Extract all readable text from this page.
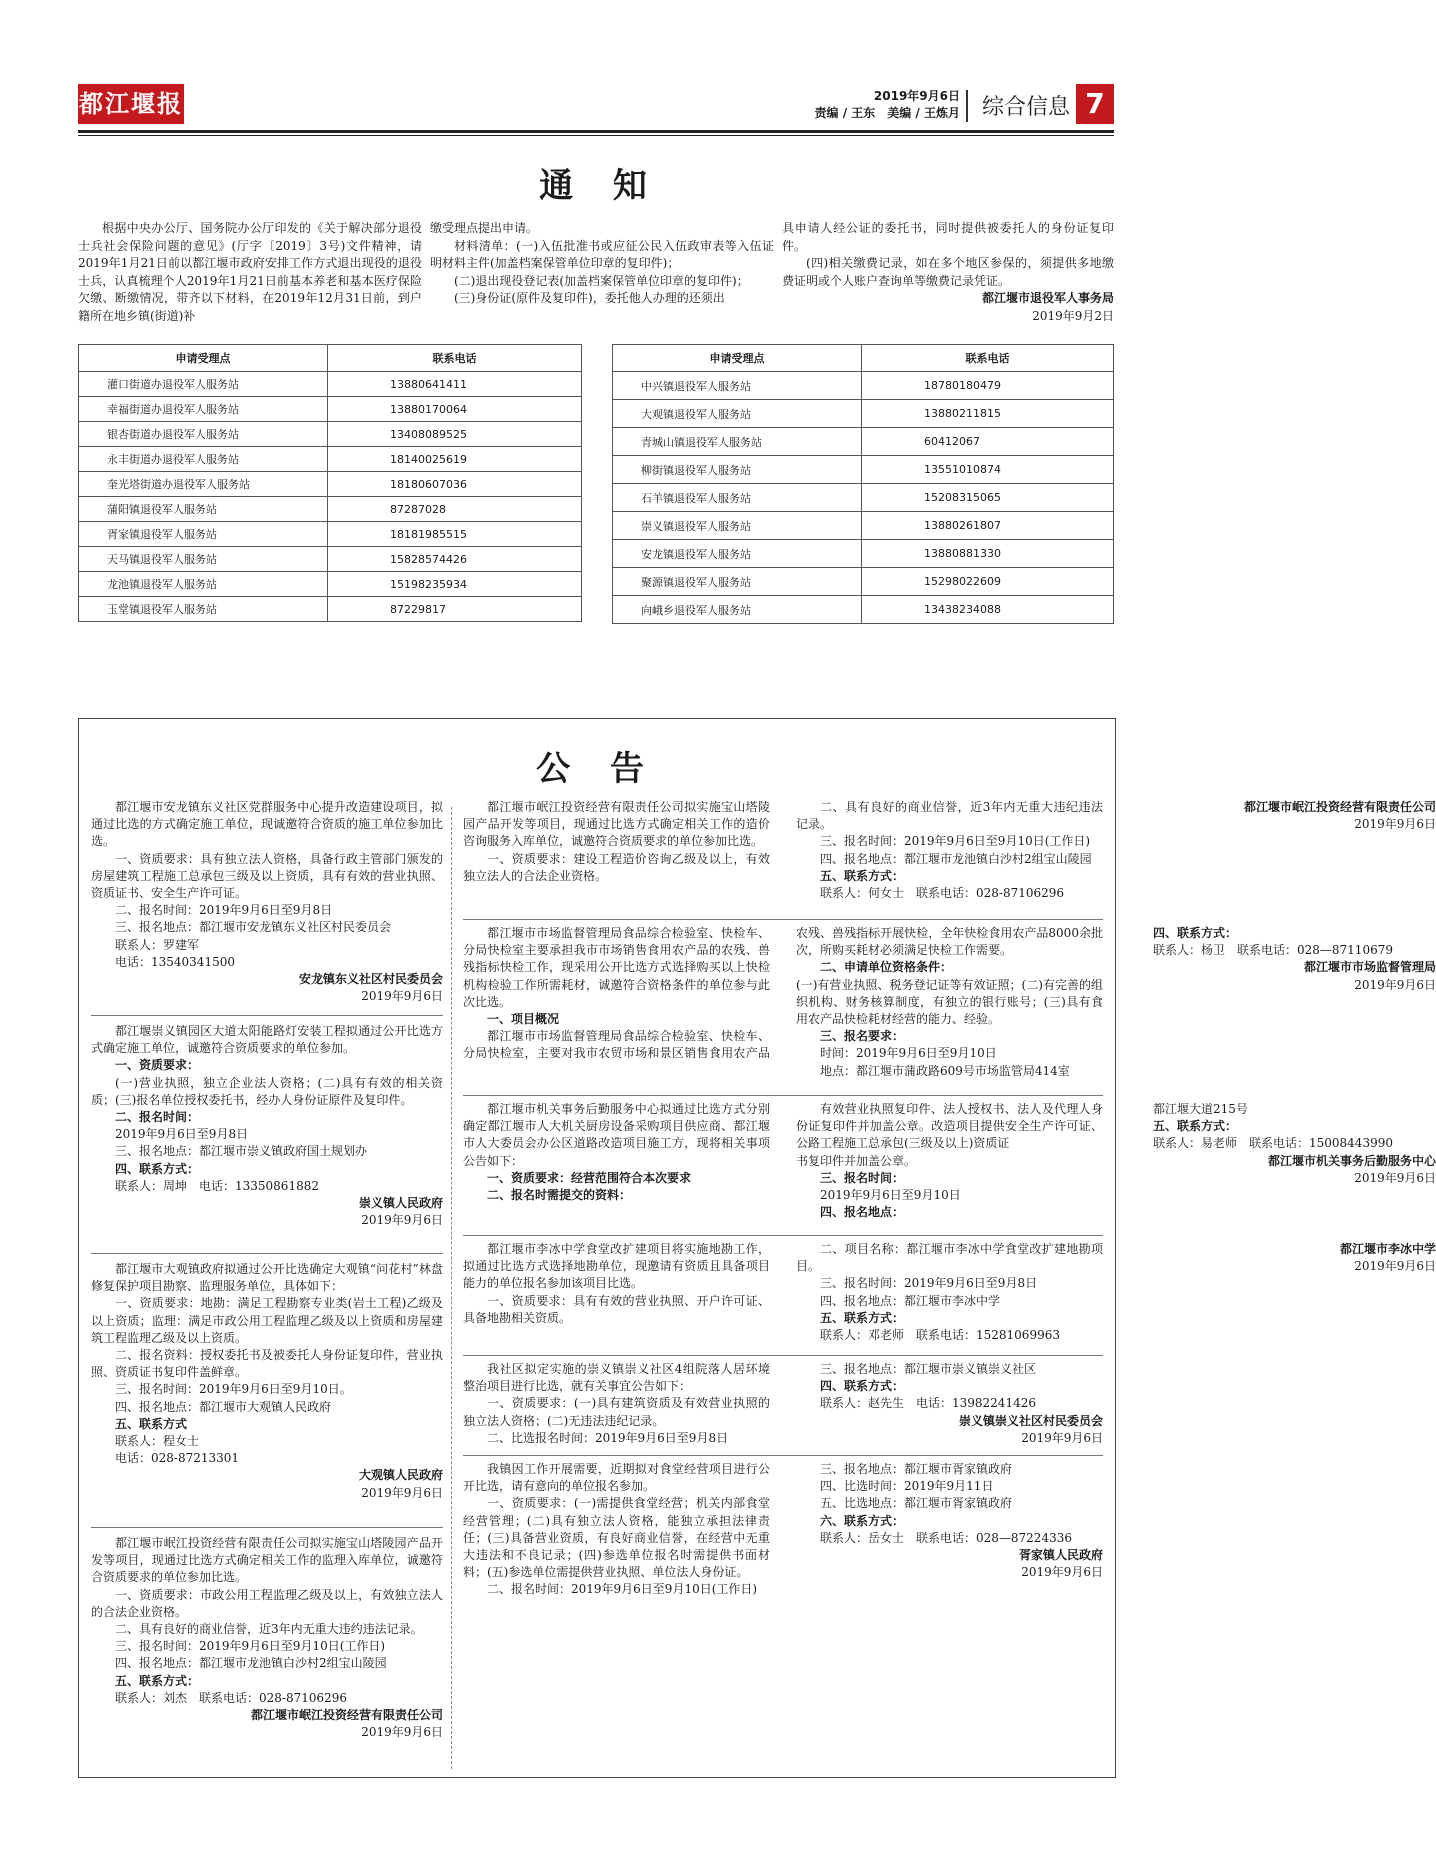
都江堰报	2019年9月6日
责编 / 王东　美编 / 王炼月 综合信息 7
通 知

根据中央办公厅、国务院办公厅印发的《关于解决部分退役士兵社会保险问题的意见》(厅字〔2019〕3号)文件精神，请2019年1月21日前以都江堰市政府安排工作方式退出现役的退役士兵，认真梳理个人2019年1月21日前基本养老和基本医疗保险欠缴、断缴情况，带齐以下材料，在2019年12月31日前，到户籍所在地乡镇(街道)补

缴受理点提出申请。

材料清单：(一)入伍批准书或应征公民入伍政审表等入伍证明材料主件(加盖档案保管单位印章的复印件)；

(二)退出现役登记表(加盖档案保管单位印章的复印件)；

(三)身份证(原件及复印件)，委托他人办理的还须出

具申请人经公证的委托书，同时提供被委托人的身份证复印件。

(四)相关缴费记录，如在多个地区参保的，须提供多地缴费证明或个人账户查询单等缴费记录凭证。

都江堰市退役军人事务局

2019年9月2日

申请受理点	联系电话
灌口街道办退役军人服务站	13880641411
幸福街道办退役军人服务站	13880170064
银杏街道办退役军人服务站	13408089525
永丰街道办退役军人服务站	18140025619
奎光塔街道办退役军人服务站	18180607036
蒲阳镇退役军人服务站	87287028
胥家镇退役军人服务站	18181985515
天马镇退役军人服务站	15828574426
龙池镇退役军人服务站	15198235934
玉堂镇退役军人服务站	87229817
申请受理点	联系电话
中兴镇退役军人服务站	18780180479
大观镇退役军人服务站	13880211815
青城山镇退役军人服务站	60412067
柳街镇退役军人服务站	13551010874
石羊镇退役军人服务站	15208315065
崇义镇退役军人服务站	13880261807
安龙镇退役军人服务站	13880881330
聚源镇退役军人服务站	15298022609
向峨乡退役军人服务站	13438234088
公 告

都江堰市安龙镇东义社区党群服务中心提升改造建设项目，拟通过比选的方式确定施工单位，现诚邀符合资质的施工单位参加比选。

一、资质要求：具有独立法人资格，具备行政主管部门颁发的房屋建筑工程施工总承包三级及以上资质，具有有效的营业执照、资质证书、安全生产许可证。

二、报名时间：2019年9月6日至9月8日

三、报名地点：都江堰市安龙镇东义社区村民委员会

联系人：罗建军

电话：13540341500

安龙镇东义社区村民委员会

2019年9月6日

都江堰崇义镇园区大道太阳能路灯安装工程拟通过公开比选方式确定施工单位，诚邀符合资质要求的单位参加。

一、资质要求：

(一)营业执照，独立企业法人资格；(二)具有有效的相关资质；(三)报名单位授权委托书，经办人身份证原件及复印件。

二、报名时间：

2019年9月6日至9月8日

三、报名地点：都江堰市崇义镇政府国土规划办

四、联系方式：

联系人：周坤　电话：13350861882

崇义镇人民政府

2019年9月6日

都江堰市大观镇政府拟通过公开比选确定大观镇“问花村”林盘修复保护项目勘察、监理服务单位，具体如下：

一、资质要求：地勘：满足工程勘察专业类(岩土工程)乙级及以上资质；监理：满足市政公用工程监理乙级及以上资质和房屋建筑工程监理乙级及以上资质。

二、报名资料：授权委托书及被委托人身份证复印件，营业执照、资质证书复印件盖鲜章。

三、报名时间：2019年9月6日至9月10日。

四、报名地点：都江堰市大观镇人民政府

五、联系方式

联系人：程女士

电话：028-87213301

大观镇人民政府

2019年9月6日

都江堰市岷江投资经营有限责任公司拟实施宝山塔陵园产品开发等项目，现通过比选方式确定相关工作的监理入库单位，诚邀符合资质要求的单位参加比选。

一、资质要求：市政公用工程监理乙级及以上，有效独立法人的合法企业资格。

二、具有良好的商业信誉，近3年内无重大违约违法记录。

三、报名时间：2019年9月6日至9月10日(工作日)

四、报名地点：都江堰市龙池镇白沙村2组宝山陵园

五、联系方式：

联系人：刘杰　联系电话：028-87106296

都江堰市岷江投资经营有限责任公司

2019年9月6日

都江堰市岷江投资经营有限责任公司拟实施宝山塔陵园产品开发等项目，现通过比选方式确定相关工作的造价咨询服务入库单位，诚邀符合资质要求的单位参加比选。

一、资质要求：建设工程造价咨询乙级及以上，有效独立法人的合法企业资格。

二、具有良好的商业信誉，近3年内无重大违纪违法记录。

三、报名时间：2019年9月6日至9月10日(工作日)

四、报名地点：都江堰市龙池镇白沙村2组宝山陵园

五、联系方式：

联系人：何女士　联系电话：028-87106296

都江堰市岷江投资经营有限责任公司

2019年9月6日

都江堰市市场监督管理局食品综合检验室、快检车、分局快检室主要承担我市市场销售食用农产品的农残、兽残指标快检工作，现采用公开比选方式选择购买以上快检机构检验工作所需耗材，诚邀符合资格条件的单位参与此次比选。

一、项目概况

都江堰市市场监督管理局食品综合检验室、快检车、分局快检室，主要对我市农贸市场和景区销售食用农产品农残、兽残指标开展快检，全年快检食用农产品8000余批次，所购买耗材必须满足快检工作需要。

二、申请单位资格条件：

(一)有营业执照、税务登记证等有效证照；(二)有完善的组织机构、财务核算制度，有独立的银行账号；(三)具有食用农产品快检耗材经营的能力、经验。

三、报名要求：

时间：2019年9月6日至9月10日

地点：都江堰市蒲政路609号市场监管局414室

四、联系方式：

联系人：杨卫　联系电话：028—87110679

都江堰市市场监督管理局

2019年9月6日

都江堰市机关事务后勤服务中心拟通过比选方式分别确定都江堰市人大机关厨房设备采购项目供应商、都江堰市人大委员会办公区道路改造项目施工方，现将相关事项公告如下：

一、资质要求：经营范围符合本次要求

二、报名时需提交的资料：

有效营业执照复印件、法人授权书、法人及代理人身份证复印件并加盖公章。改造项目提供安全生产许可证、公路工程施工总承包(三级及以上)资质证

书复印件并加盖公章。

三、报名时间：

2019年9月6日至9月10日

四、报名地点：

都江堰大道215号

五、联系方式：

联系人：易老师　联系电话：15008443990

都江堰市机关事务后勤服务中心

2019年9月6日

都江堰市李冰中学食堂改扩建项目将实施地勘工作，拟通过比选方式选择地勘单位，现邀请有资质且具备项目能力的单位报名参加该项目比选。

一、资质要求：具有有效的营业执照、开户许可证、具备地勘相关资质。

二、项目名称：都江堰市李冰中学食堂改扩建地勘项目。

三、报名时间：2019年9月6日至9月8日

四、报名地点：都江堰市李冰中学

五、联系方式：

联系人：邓老师　联系电话：15281069963

都江堰市李冰中学

2019年9月6日

我社区拟定实施的崇义镇崇义社区4组院落人居环境整治项目进行比选，就有关事宜公告如下：

一、资质要求：(一)具有建筑资质及有效营业执照的独立法人资格；(二)无违法违纪记录。

二、比选报名时间：2019年9月6日至9月8日

三、报名地点：都江堰市崇义镇崇义社区

四、联系方式：

联系人：赵先生　电话：13982241426

崇义镇崇义社区村民委员会

2019年9月6日

我镇因工作开展需要，近期拟对食堂经营项目进行公开比选，请有意向的单位报名参加。

一、资质要求：(一)需提供食堂经营；机关内部食堂经营管理；(二)具有独立法人资格，能独立承担法律责任；(三)具备营业资质，有良好商业信誉，在经营中无重大违法和不良记录；(四)参选单位报名时需提供书面材料；(五)参选单位需提供营业执照、单位法人身份证。

二、报名时间：2019年9月6日至9月10日(工作日)

三、报名地点：都江堰市胥家镇政府

四、比选时间：2019年9月11日

五、比选地点：都江堰市胥家镇政府

六、联系方式：

联系人：岳女士　联系电话：028—87224336

胥家镇人民政府

2019年9月6日
